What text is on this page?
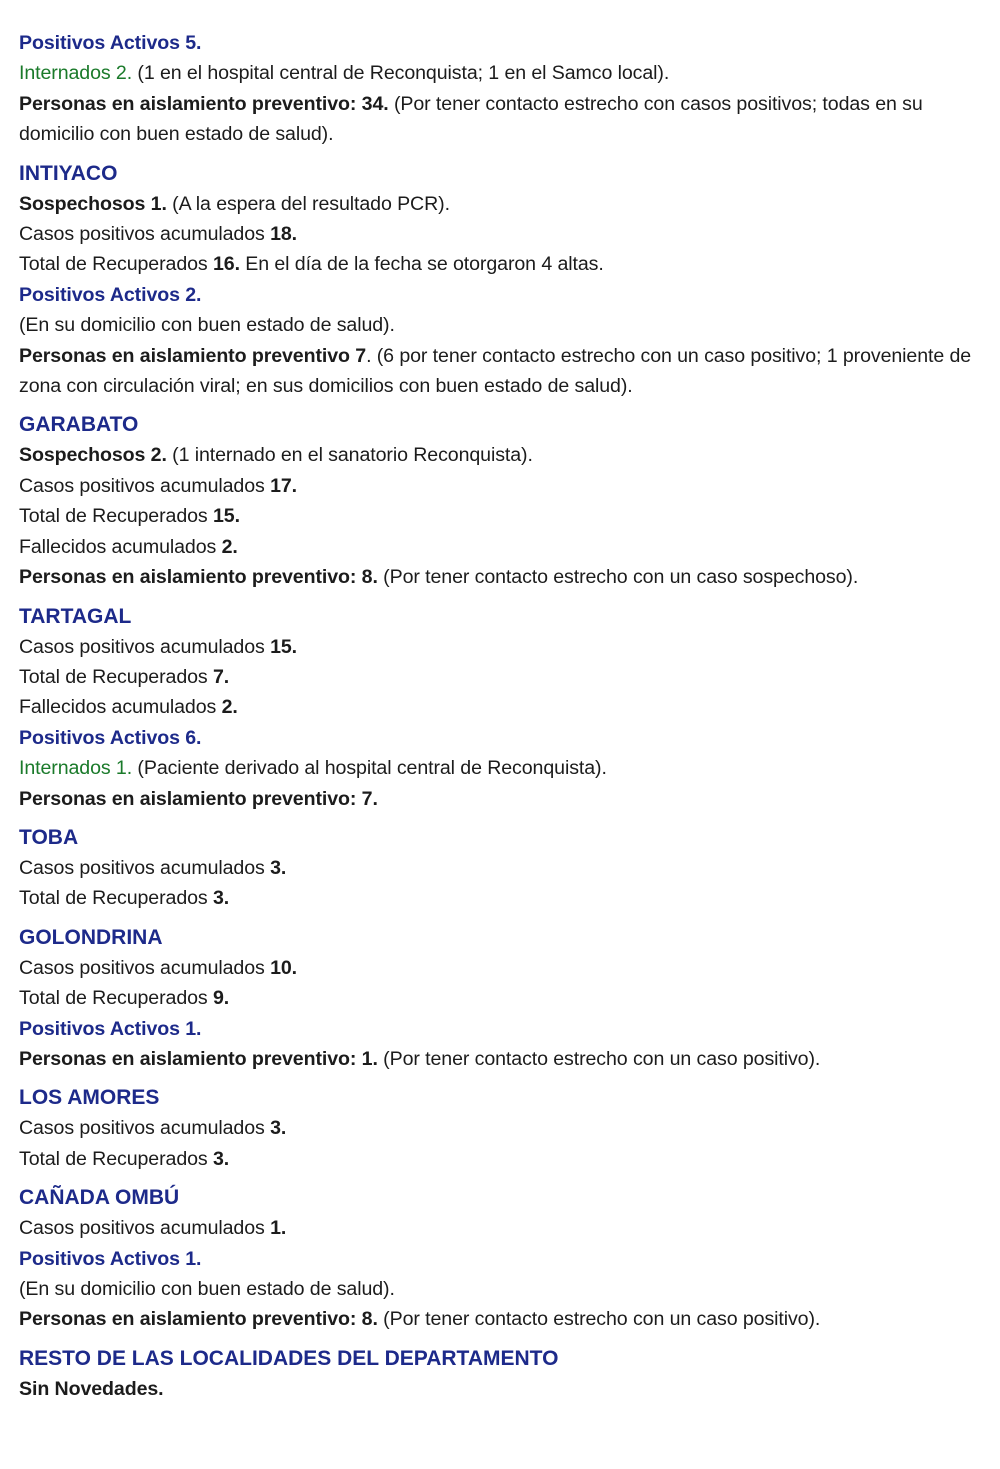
Positivos Activos 5.
Internados 2. (1 en el hospital central de Reconquista; 1 en el Samco local).
Personas en aislamiento preventivo: 34. (Por tener contacto estrecho con casos positivos; todas en su domicilio con buen estado de salud).
INTIYACO
Sospechosos 1. (A la espera del resultado PCR).
Casos positivos acumulados 18.
Total de Recuperados 16. En el día de la fecha se otorgaron 4 altas.
Positivos Activos 2.
(En su domicilio con buen estado de salud).
Personas en aislamiento preventivo 7. (6 por tener contacto estrecho con un caso positivo; 1 proveniente de zona con circulación viral; en sus domicilios con buen estado de salud).
GARABATO
Sospechosos 2. (1 internado en el sanatorio Reconquista).
Casos positivos acumulados 17.
Total de Recuperados 15.
Fallecidos acumulados 2.
Personas en aislamiento preventivo: 8. (Por tener contacto estrecho con un caso sospechoso).
TARTAGAL
Casos positivos acumulados 15.
Total de Recuperados 7.
Fallecidos acumulados 2.
Positivos Activos 6.
Internados 1. (Paciente derivado al hospital central de Reconquista).
Personas en aislamiento preventivo: 7.
TOBA
Casos positivos acumulados 3.
Total de Recuperados 3.
GOLONDRINA
Casos positivos acumulados 10.
Total de Recuperados 9.
Positivos Activos 1.
Personas en aislamiento preventivo: 1. (Por tener contacto estrecho con un caso positivo).
LOS AMORES
Casos positivos acumulados 3.
Total de Recuperados 3.
CAÑADA OMBÚ
Casos positivos acumulados 1.
Positivos Activos 1.
(En su domicilio con buen estado de salud).
Personas en aislamiento preventivo: 8. (Por tener contacto estrecho con un caso positivo).
RESTO DE LAS LOCALIDADES DEL DEPARTAMENTO
Sin Novedades.
